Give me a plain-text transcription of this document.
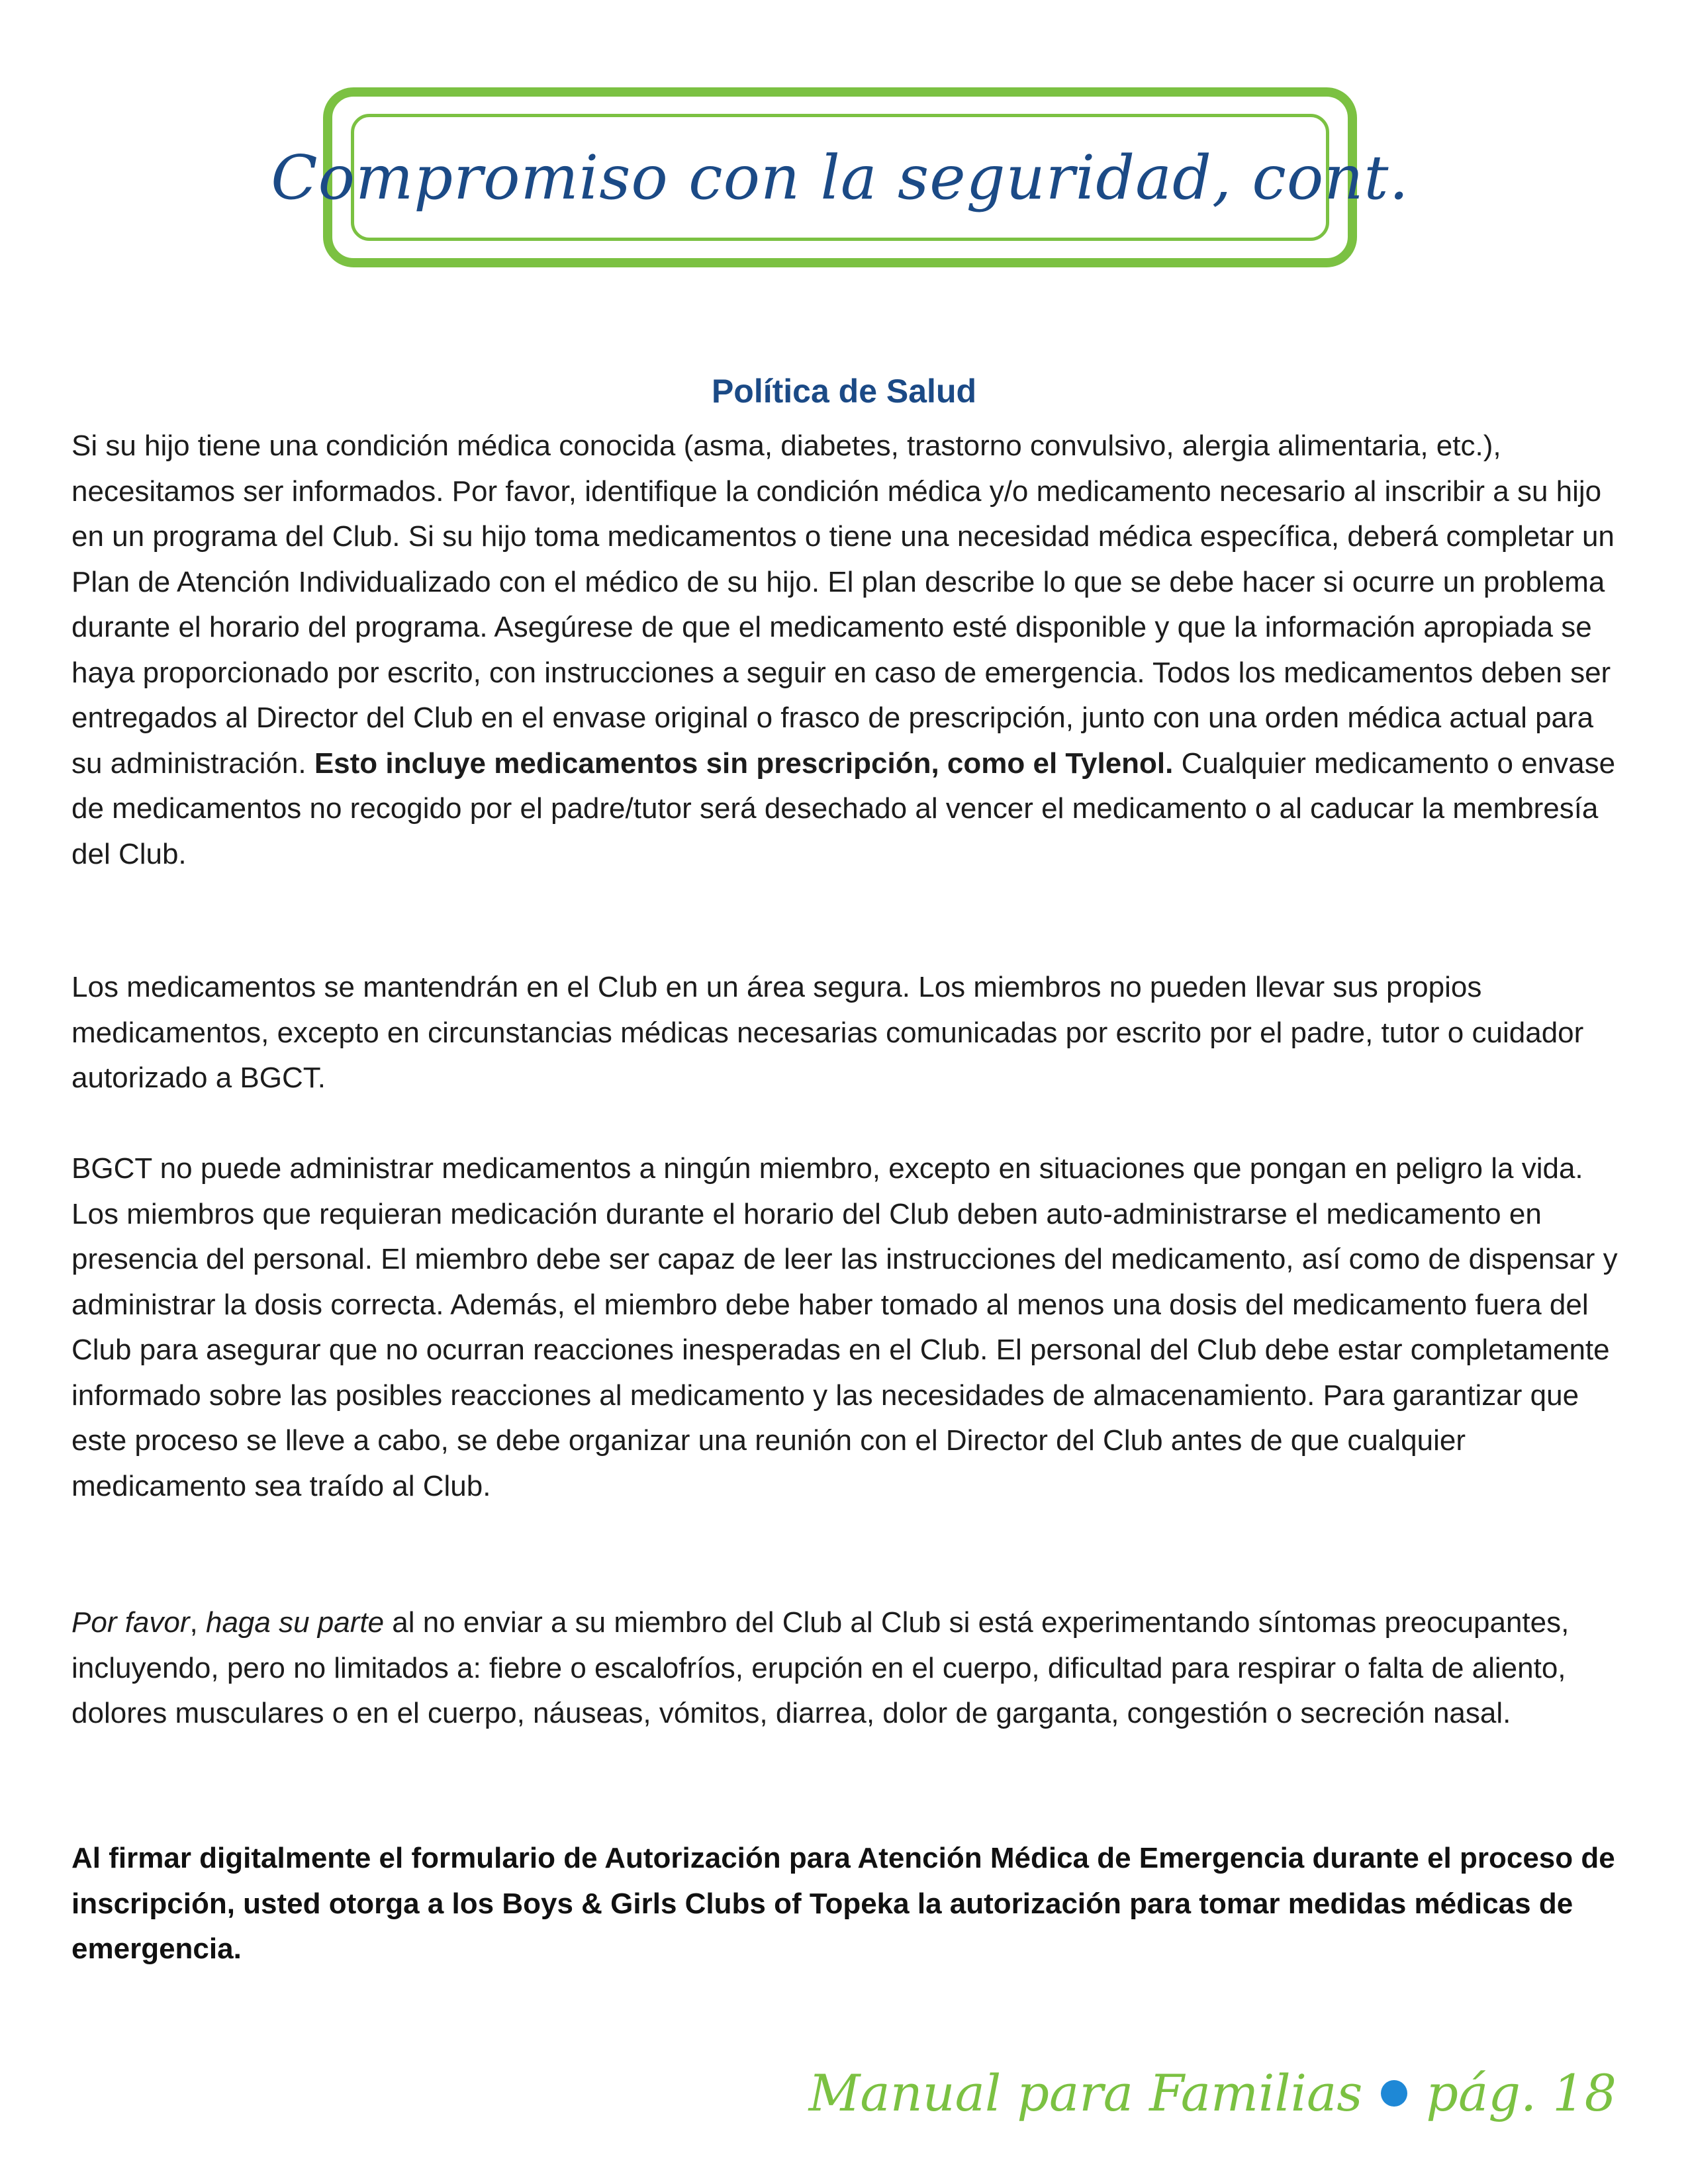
Compromiso con la seguridad, cont.
Política de Salud

Si su hijo tiene una condición médica conocida (asma, diabetes, trastorno convulsivo, alergia alimentaria, etc.), necesitamos ser informados. Por favor, identifique la condición médica y/o medicamento necesario al inscribir a su hijo en un programa del Club. Si su hijo toma medicamentos o tiene una necesidad médica específica, deberá completar un Plan de Atención Individualizado con el médico de su hijo. El plan describe lo que se debe hacer si ocurre un problema durante el horario del programa. Asegúrese de que el medicamento esté disponible y que la información apropiada se haya proporcionado por escrito, con instrucciones a seguir en caso de emergencia. Todos los medicamentos deben ser entregados al Director del Club en el envase original o frasco de prescripción, junto con una orden médica actual para su administración. Esto incluye medicamentos sin prescripción, como el Tylenol. Cualquier medicamento o envase de medicamentos no recogido por el padre/tutor será desechado al vencer el medicamento o al caducar la membresía del Club.

Los medicamentos se mantendrán en el Club en un área segura. Los miembros no pueden llevar sus propios medicamentos, excepto en circunstancias médicas necesarias comunicadas por escrito por el padre, tutor o cuidador autorizado a BGCT.

BGCT no puede administrar medicamentos a ningún miembro, excepto en situaciones que pongan en peligro la vida. Los miembros que requieran medicación durante el horario del Club deben auto-administrarse el medicamento en presencia del personal. El miembro debe ser capaz de leer las instrucciones del medicamento, así como de dispensar y administrar la dosis correcta. Además, el miembro debe haber tomado al menos una dosis del medicamento fuera del Club para asegurar que no ocurran reacciones inesperadas en el Club. El personal del Club debe estar completamente informado sobre las posibles reacciones al medicamento y las necesidades de almacenamiento. Para garantizar que este proceso se lleve a cabo, se debe organizar una reunión con el Director del Club antes de que cualquier medicamento sea traído al Club.

Por favor, haga su parte al no enviar a su miembro del Club al Club si está experimentando síntomas preocupantes, incluyendo, pero no limitados a: fiebre o escalofríos, erupción en el cuerpo, dificultad para respirar o falta de aliento, dolores musculares o en el cuerpo, náuseas, vómitos, diarrea, dolor de garganta, congestión o secreción nasal.

Al firmar digitalmente el formulario de Autorización para Atención Médica de Emergencia durante el proceso de inscripción, usted otorga a los Boys & Girls Clubs of Topeka la autorización para tomar medidas médicas de emergencia.

Manual para Familias pág. 18
